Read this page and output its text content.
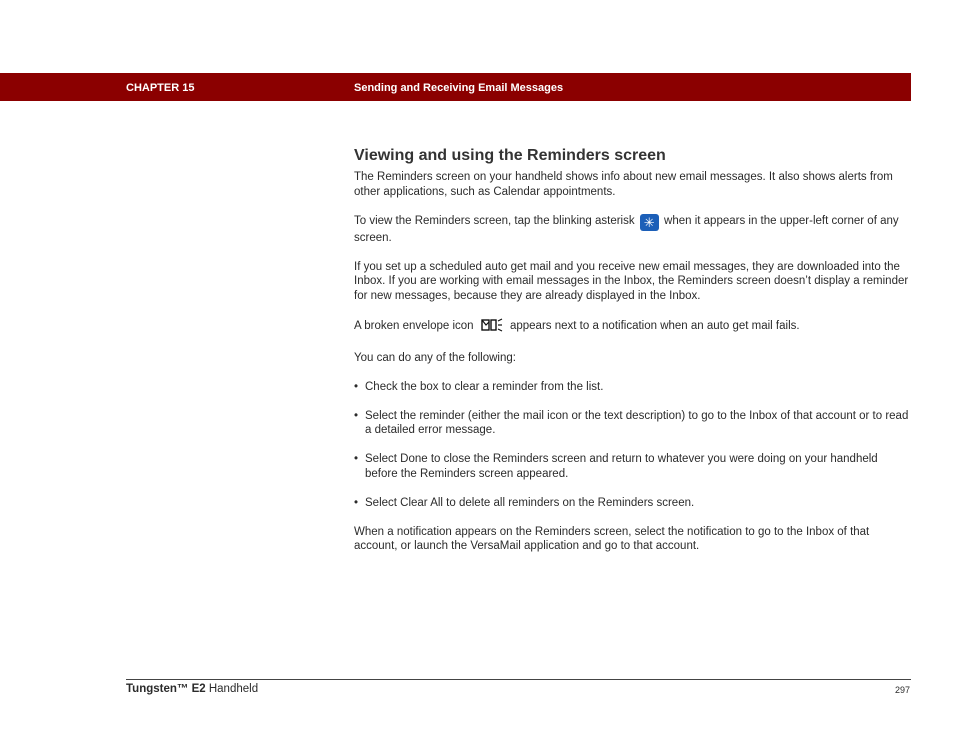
CHAPTER 15	Sending and Receiving Email Messages
Viewing and using the Reminders screen

The Reminders screen on your handheld shows info about new email messages. It also shows alerts from other applications, such as Calendar appointments.

To view the Reminders screen, tap the blinking asterisk ✳ when it appears in the upper-left corner of any screen.

If you set up a scheduled auto get mail and you receive new email messages, they are downloaded into the Inbox. If you are working with email messages in the Inbox, the Reminders screen doesn’t display a reminder for new messages, because they are already displayed in the Inbox.

A broken envelope icon	appears next to a notification when an auto get mail fails.

You can do any of the following:

• Check the box to clear a reminder from the list.
• Select the reminder (either the mail icon or the text description) to go to the Inbox of that account or to read a detailed error message.
• Select Done to close the Reminders screen and return to whatever you were doing on your handheld before the Reminders screen appeared.
• Select Clear All to delete all reminders on the Reminders screen.

When a notification appears on the Reminders screen, select the notification to go to the Inbox of that account, or launch the VersaMail application and go to that account.

Tungsten™ E2 Handheld	297
